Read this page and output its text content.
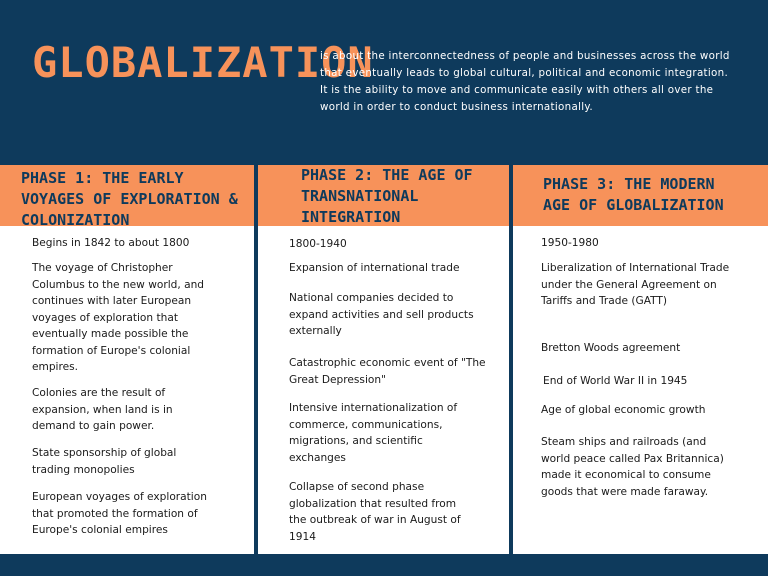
GLOBALIZATION
is about the interconnectedness of people and businesses across the world that eventually leads to global cultural, political and economic integration. It is the ability to move and communicate easily with others all over the world in order to conduct business internationally.
PHASE 1: THE EARLY VOYAGES OF EXPLORATION & COLONIZATION
Begins in 1842 to about 1800
The voyage of Christopher Columbus to the new world, and continues with later European voyages of exploration that eventually made possible the formation of Europe's colonial empires.
Colonies are the result of expansion, when land is in demand to gain power.
State sponsorship of global trading monopolies
European voyages of exploration that promoted the formation of Europe's colonial empires
PHASE 2: THE AGE OF TRANSNATIONAL INTEGRATION
1800-1940
Expansion of international trade
National companies decided to expand activities and sell products externally
Catastrophic economic event of "The Great Depression"
Intensive internationalization of commerce, communications, migrations, and scientific exchanges
Collapse of second phase globalization that resulted from the outbreak of war in August of 1914
PHASE 3: THE MODERN AGE OF GLOBALIZATION
1950-1980
Liberalization of International Trade under the General Agreement on Tariffs and Trade (GATT)
Bretton Woods agreement
End of World War II in 1945
Age of global economic growth
Steam ships and railroads (and world peace called Pax Britannica) made it economical to consume goods that were made faraway.
